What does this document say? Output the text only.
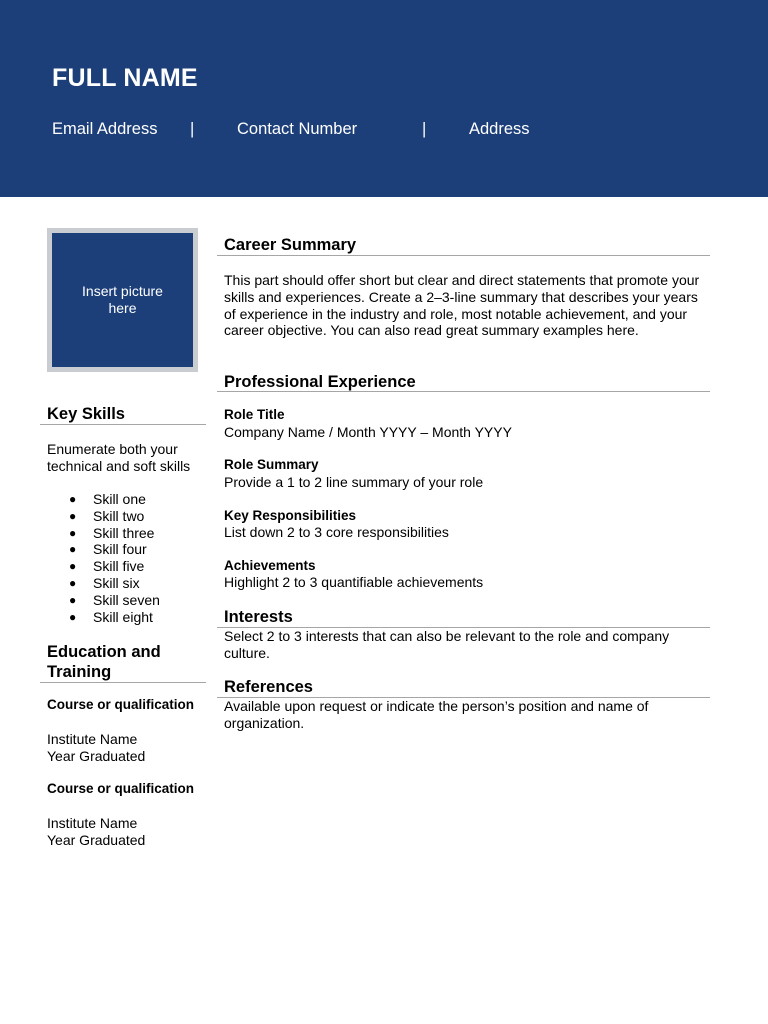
FULL NAME
Email Address |	Contact Number	|	Address
Insert picture here
Key Skills
Enumerate both your technical and soft skills
● Skill one
● Skill two
● Skill three
● Skill four
● Skill five
● Skill six
● Skill seven
● Skill eight
Education and Training
Course or qualification
Institute Name
Year Graduated
Course or qualification
Institute Name
Year Graduated
Career Summary
This part should offer short but clear and direct statements that promote your skills and experiences. Create a 2–3-line summary that describes your years of experience in the industry and role, most notable achievement, and your career objective. You can also read great summary examples here.
Professional Experience
Role Title
Company Name / Month YYYY – Month YYYY
Role Summary
Provide a 1 to 2 line summary of your role
Key Responsibilities
List down 2 to 3 core responsibilities
Achievements
Highlight 2 to 3 quantifiable achievements
Interests
Select 2 to 3 interests that can also be relevant to the role and company culture.
References
Available upon request or indicate the person’s position and name of organization.
